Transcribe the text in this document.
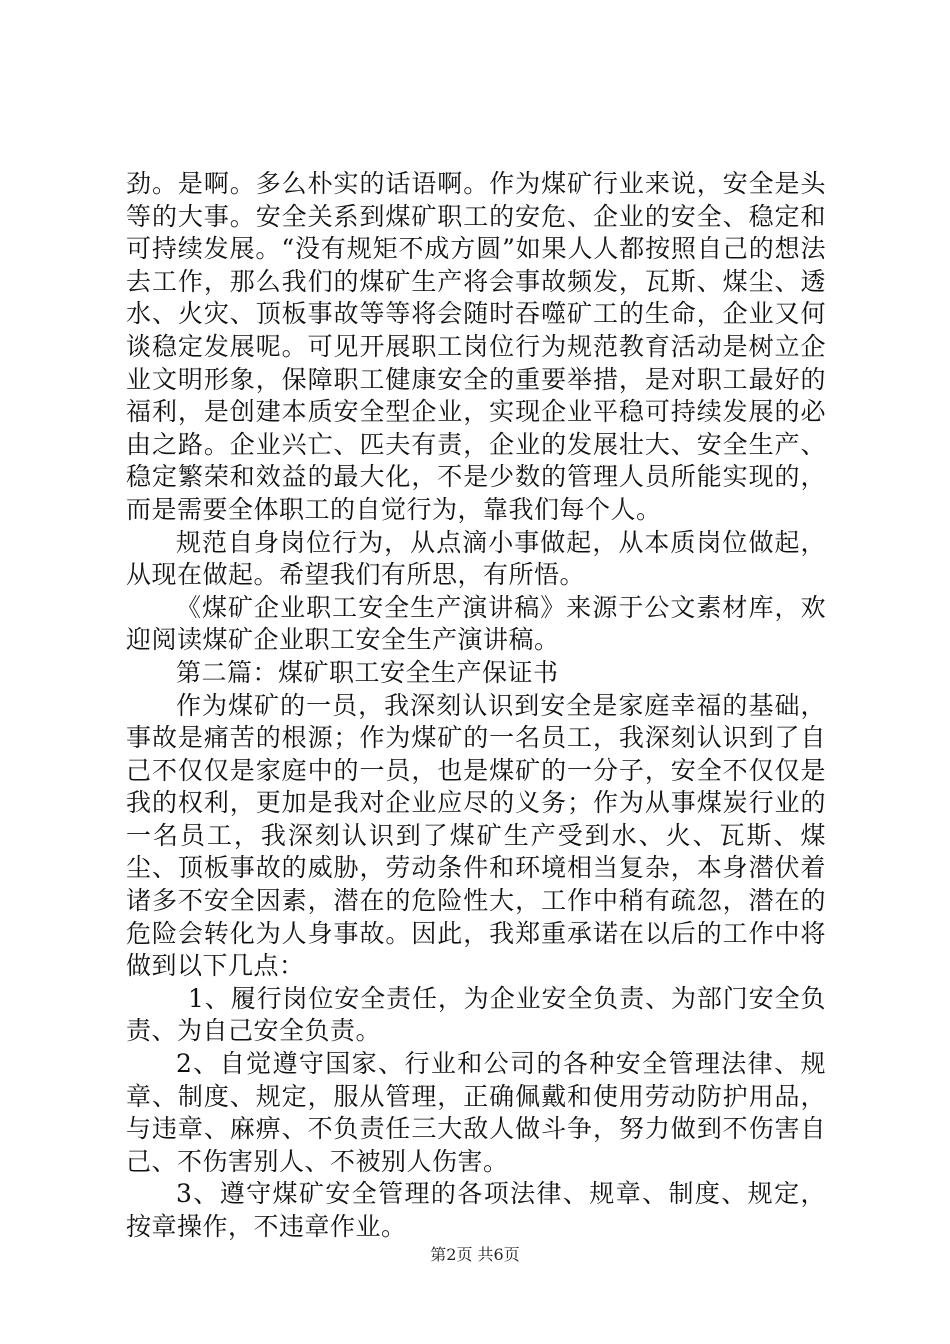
劲。是啊。多么朴实的话语啊。作为煤矿行业来说，安全是头等的大事。安全关系到煤矿职工的安危、企业的安全、稳定和可持续发展。“没有规矩不成方圆”如果人人都按照自己的想法去工作，那么我们的煤矿生产将会事故频发，瓦斯、煤尘、透水、火灾、顶板事故等等将会随时吞噬矿工的生命，企业又何谈稳定发展呢。可见开展职工岗位行为规范教育活动是树立企业文明形象，保障职工健康安全的重要举措，是对职工最好的福利，是创建本质安全型企业，实现企业平稳可持续发展的必由之路。企业兴亡、匹夫有责，企业的发展壮大、安全生产、稳定繁荣和效益的最大化，不是少数的管理人员所能实现的，而是需要全体职工的自觉行为，靠我们每个人。

规范自身岗位行为，从点滴小事做起，从本质岗位做起，从现在做起。希望我们有所思，有所悟。

《煤矿企业职工安全生产演讲稿》来源于公文素材库，欢迎阅读煤矿企业职工安全生产演讲稿。

第二篇：煤矿职工安全生产保证书

作为煤矿的一员，我深刻认识到安全是家庭幸福的基础，事故是痛苦的根源；作为煤矿的一名员工，我深刻认识到了自己不仅仅是家庭中的一员，也是煤矿的一分子，安全不仅仅是我的权利，更加是我对企业应尽的义务；作为从事煤炭行业的一名员工，我深刻认识到了煤矿生产受到水、火、瓦斯、煤尘、顶板事故的威胁，劳动条件和环境相当复杂，本身潜伏着诸多不安全因素，潜在的危险性大，工作中稍有疏忽，潜在的危险会转化为人身事故。因此，我郑重承诺在以后的工作中将做到以下几点：

1、履行岗位安全责任，为企业安全负责、为部门安全负责、为自己安全负责。

2、自觉遵守国家、行业和公司的各种安全管理法律、规章、制度、规定，服从管理，正确佩戴和使用劳动防护用品，与违章、麻痹、不负责任三大敌人做斗争，努力做到不伤害自己、不伤害别人、不被别人伤害。

3、遵守煤矿安全管理的各项法律、规章、制度、规定，按章操作，不违章作业。

第2页 共6页
